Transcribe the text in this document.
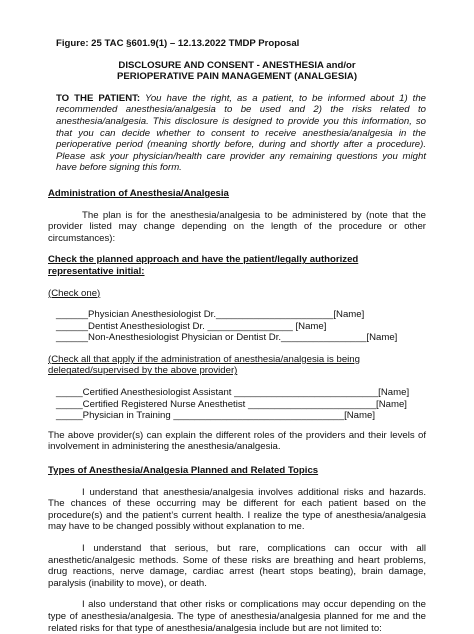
Figure: 25 TAC §601.9(1) – 12.13.2022 TMDP Proposal

DISCLOSURE AND CONSENT - ANESTHESIA and/or

PERIOPERATIVE PAIN MANAGEMENT (ANALGESIA)

TO THE PATIENT: You have the right, as a patient, to be informed about 1) the recommended anesthesia/analgesia to be used and 2) the risks related to anesthesia/analgesia. This disclosure is designed to provide you this information, so that you can decide whether to consent to receive anesthesia/analgesia in the perioperative period (meaning shortly before, during and shortly after a procedure). Please ask your physician/health care provider any remaining questions you might have before signing this form.

Administration of Anesthesia/Analgesia

The plan is for the anesthesia/analgesia to be administered by (note that the provider listed may change depending on the length of the procedure or other circumstances):

Check the planned approach and have the patient/legally authorized representative initial:

(Check one)

______Physician Anesthesiologist Dr.______________________[Name]

______Dentist Anesthesiologist Dr. ________________ [Name]

______Non-Anesthesiologist Physician or Dentist Dr.________________[Name]

(Check all that apply if the administration of anesthesia/analgesia is being delegated/supervised by the above provider)

_____Certified Anesthesiologist Assistant ___________________________[Name]

_____Certified Registered Nurse Anesthetist ________________________[Name]

_____Physician in Training ________________________________[Name]

The above provider(s) can explain the different roles of the providers and their levels of involvement in administering the anesthesia/analgesia.

Types of Anesthesia/Analgesia Planned and Related Topics

I understand that anesthesia/analgesia involves additional risks and hazards. The chances of these occurring may be different for each patient based on the procedure(s) and the patient’s current health. I realize the type of anesthesia/analgesia may have to be changed possibly without explanation to me.

I understand that serious, but rare, complications can occur with all anesthetic/analgesic methods. Some of these risks are breathing and heart problems, drug reactions, nerve damage, cardiac arrest (heart stops beating), brain damage, paralysis (inability to move), or death.

I also understand that other risks or complications may occur depending on the type of anesthesia/analgesia. The type of anesthesia/analgesia planned for me and the related risks for that type of anesthesia/analgesia include but are not limited to:
